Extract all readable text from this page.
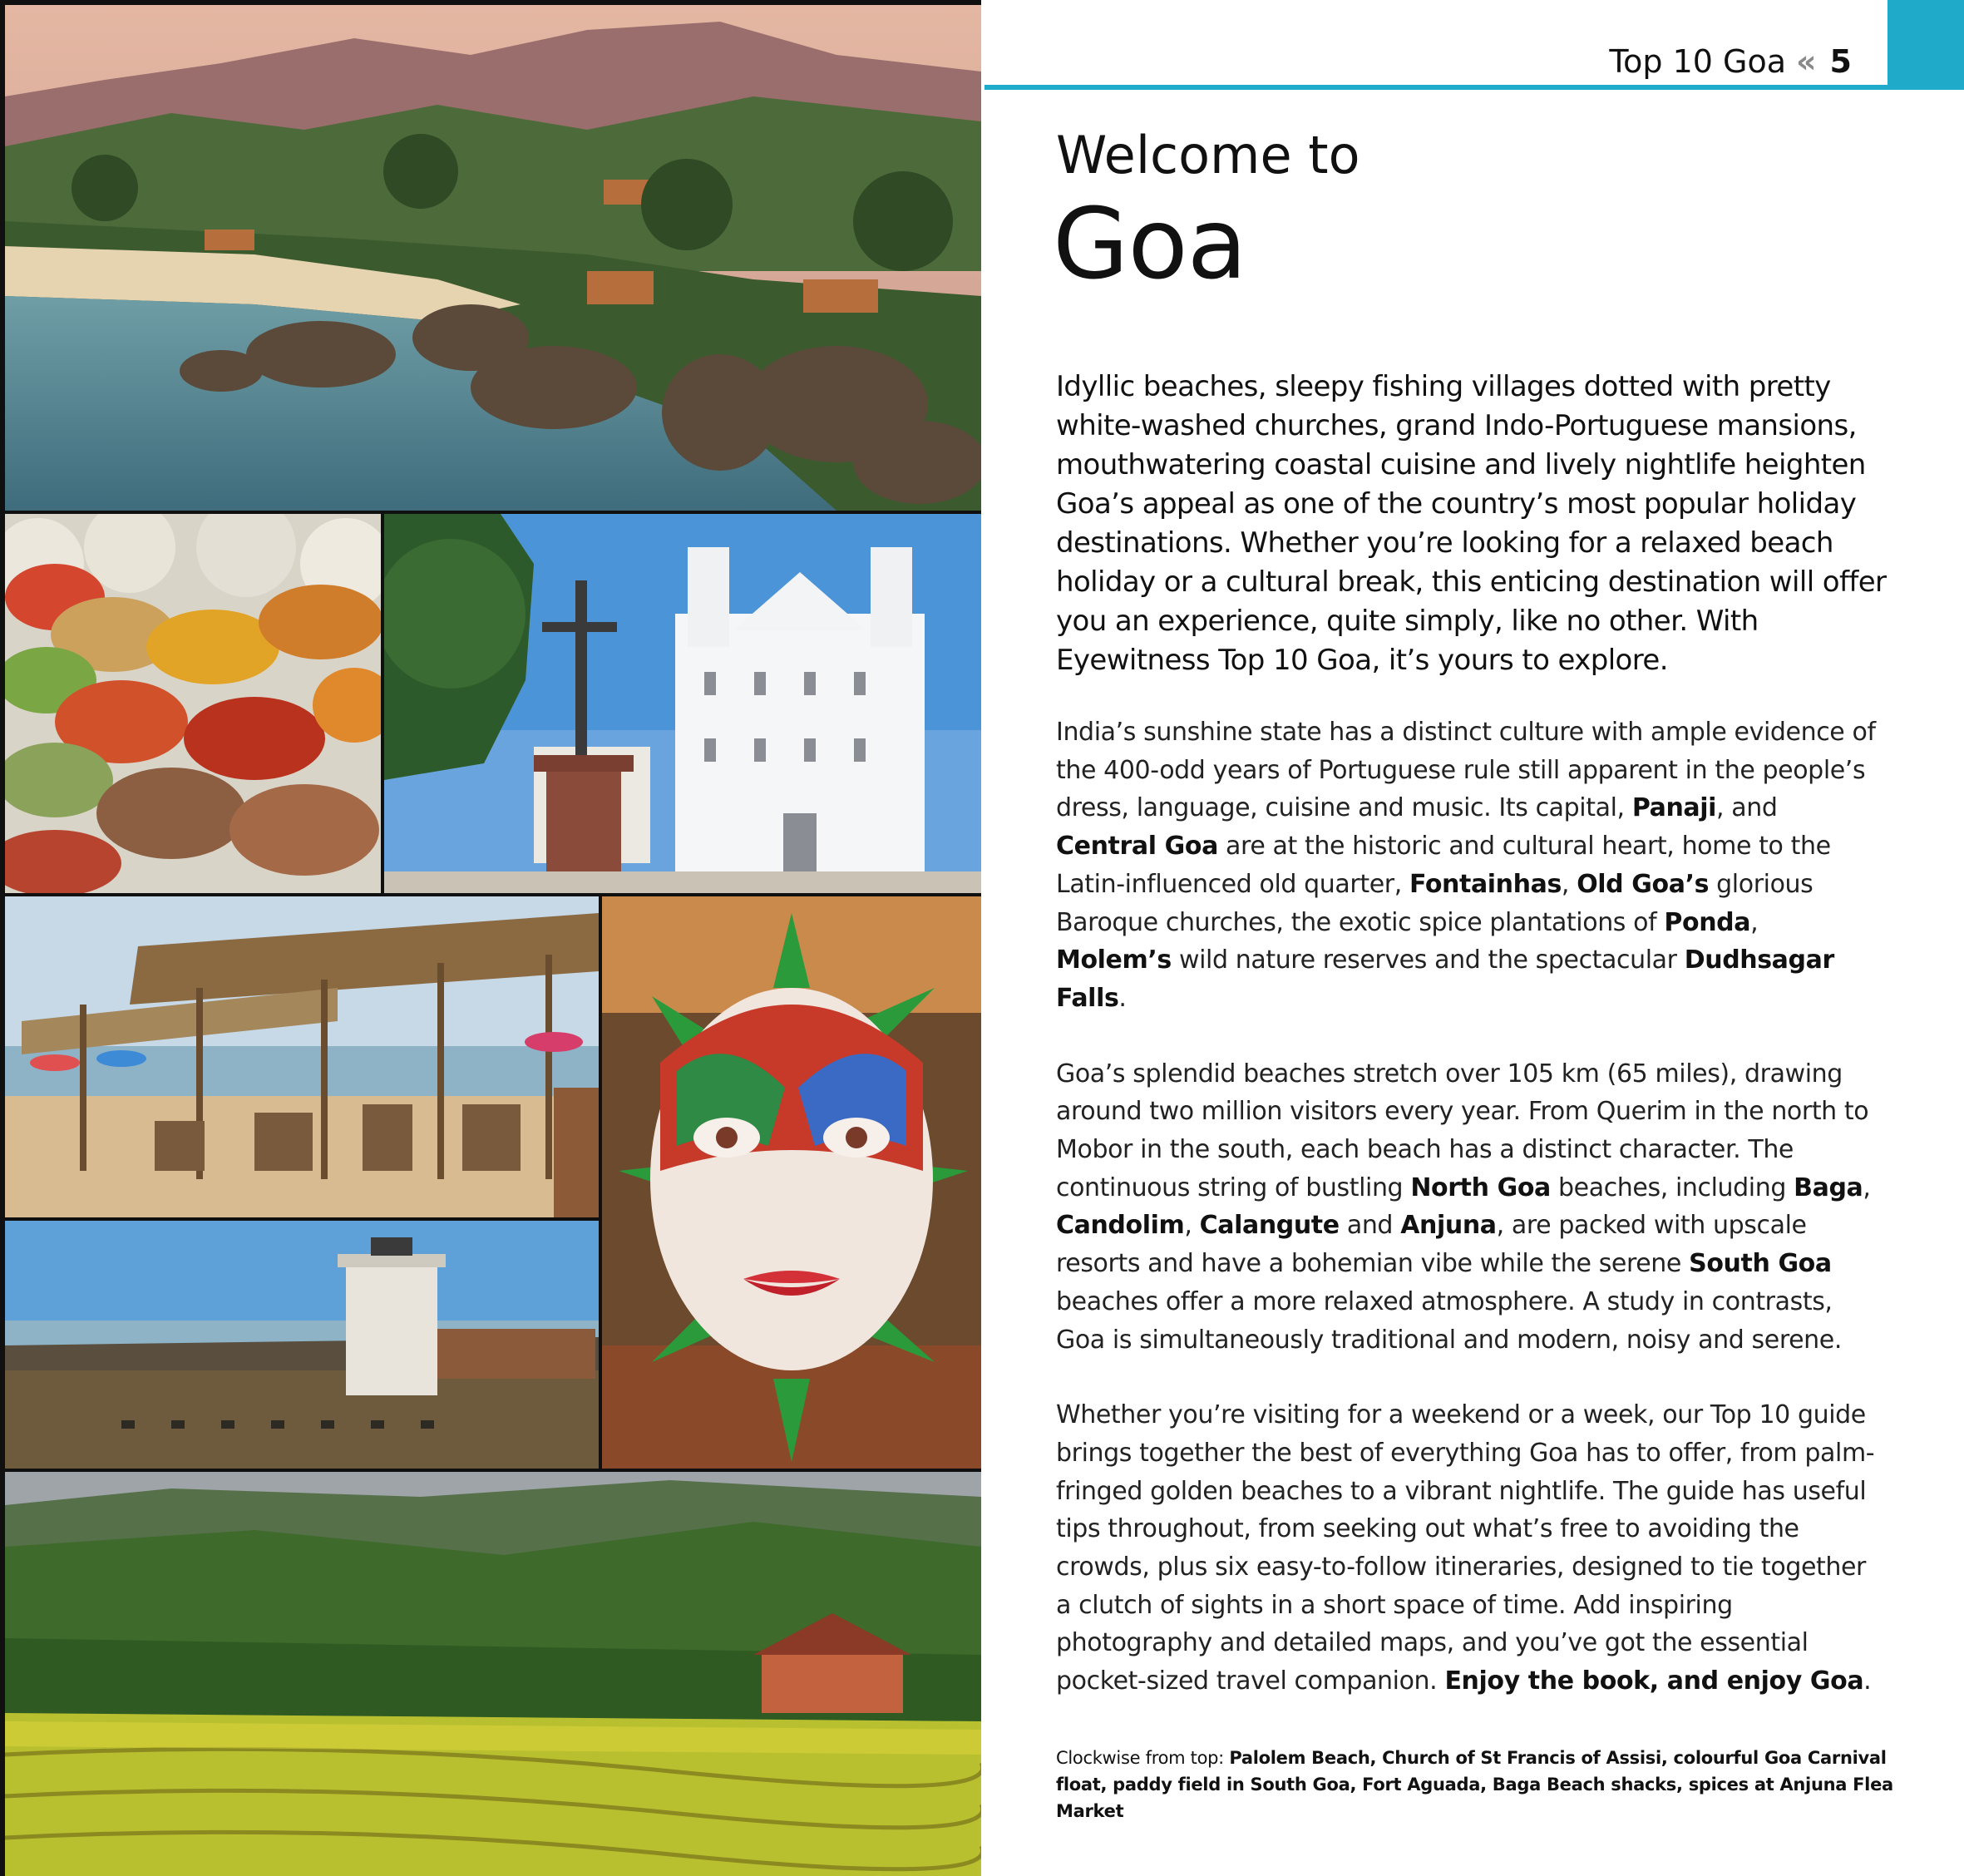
Top 10 Goa « 5
Welcome to
Goa

Idyllic beaches, sleepy fishing villages dotted with pretty white-washed churches, grand Indo-Portuguese mansions, mouthwatering coastal cuisine and lively nightlife heighten Goa’s appeal as one of the country’s most popular holiday destinations. Whether you’re looking for a relaxed beach holiday or a cultural break, this enticing destination will offer you an experience, quite simply, like no other. With Eyewitness Top 10 Goa, it’s yours to explore.

India’s sunshine state has a distinct culture with ample evidence of the 400-odd years of Portuguese rule still apparent in the people’s dress, language, cuisine and music. Its capital, Panaji, and Central Goa are at the historic and cultural heart, home to the Latin-influenced old quarter, Fontainhas, Old Goa’s glorious Baroque churches, the exotic spice plantations of Ponda, Molem’s wild nature reserves and the spectacular Dudhsagar Falls.

Goa’s splendid beaches stretch over 105 km (65 miles), drawing around two million visitors every year. From Querim in the north to Mobor in the south, each beach has a distinct character. The continuous string of bustling North Goa beaches, including Baga, Candolim, Calangute and Anjuna, are packed with upscale resorts and have a bohemian vibe while the serene South Goa beaches offer a more relaxed atmosphere. A study in contrasts, Goa is simultaneously traditional and modern, noisy and serene.

Whether you’re visiting for a weekend or a week, our Top 10 guide brings together the best of everything Goa has to offer, from palm-fringed golden beaches to a vibrant nightlife. The guide has useful tips throughout, from seeking out what’s free to avoiding the crowds, plus six easy-to-follow itineraries, designed to tie together a clutch of sights in a short space of time. Add inspiring photography and detailed maps, and you’ve got the essential pocket-sized travel companion. Enjoy the book, and enjoy Goa.

Clockwise from top: Palolem Beach, Church of St Francis of Assisi, colourful Goa Carnival float, paddy field in South Goa, Fort Aguada, Baga Beach shacks, spices at Anjuna Flea Market
